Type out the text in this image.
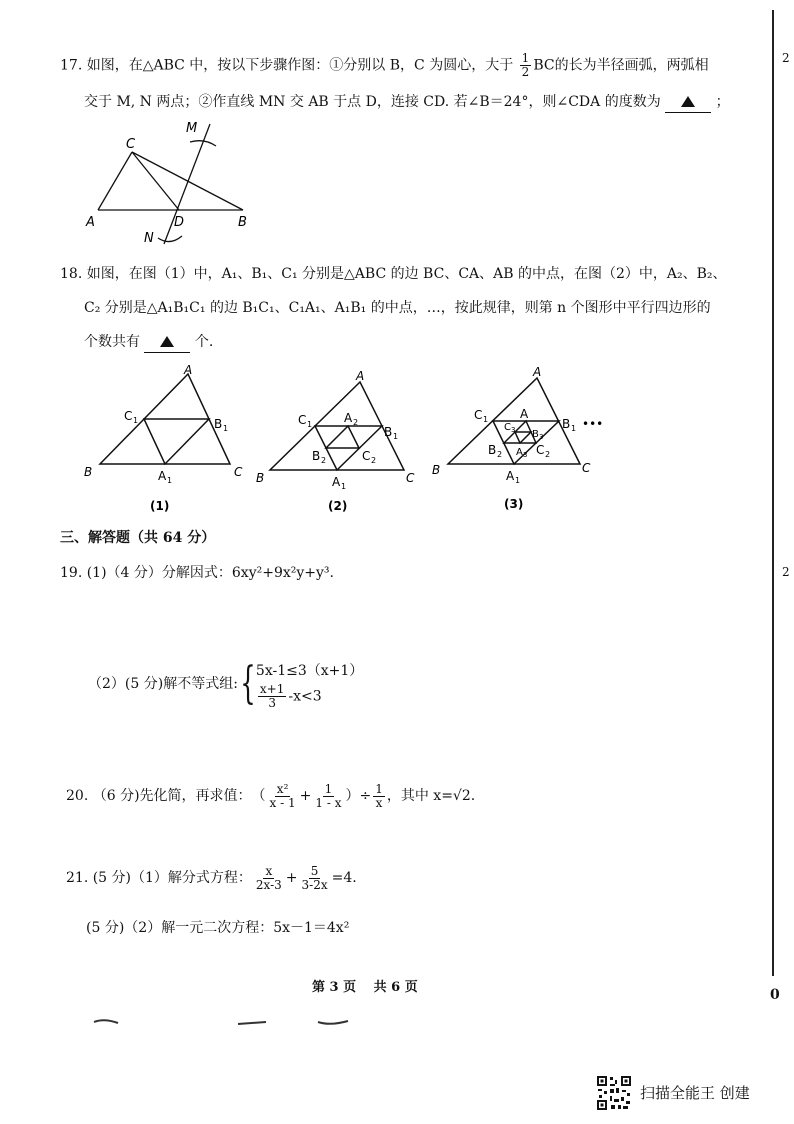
2
2
0
17. 如图，在△ABC 中，按以下步骤作图：①分别以 B，C 为圆心，大于 $\frac{1}{2}$ BC的长为半径画弧，两弧相
交于 M, N 两点；②作直线 MN 交 AB 于点 D，连接 CD. 若∠B＝24°，则∠CDA 的度数为	；
M
N
A	B
C
D
18. 如图，在图（1）中，A₁、B₁、C₁ 分别是△ABC 的边 BC、CA、AB 的中点，在图（2）中，A₂、B₂、
C₂ 分别是△A₁B₁C₁ 的边 B₁C₁、C₁A₁、A₁B₁ 的中点，…，按此规律，则第 n 个图形中平行四边形的
个数共有	个.
A
B	C
C 1	B 1
A 1
(1)
A
B	C
C 1
B 1
A 1
A 2
B 2	C 2
(2)
A
B	C
C 1	B 1 •••
A 1
A
B 2	C 2
A 3
C 3 B 3
(3)
三、解答题（共 64 分）
19. (1)（4 分）分解因式：6xy²+9x²y+y³.
（2）(5 分)解不等式组: { 5x-1≤3（x+1）
$\frac{x+1}{3} -x<3$
20. （6 分)先化简，再求值： （ $\frac{\text{x²}}{x - 1} + \frac{1}{1 - x}$ ） ÷ $\frac{1}{x}$ ，其中 x=√2.
21. (5 分)（1）解分式方程： $\frac{x}{2x-3} + \frac{5}{3-2x} =4$.
(5 分)（2）解一元二次方程：5x－1＝4x²
第 3 页　 共 6 页
扫描全能王 创建
